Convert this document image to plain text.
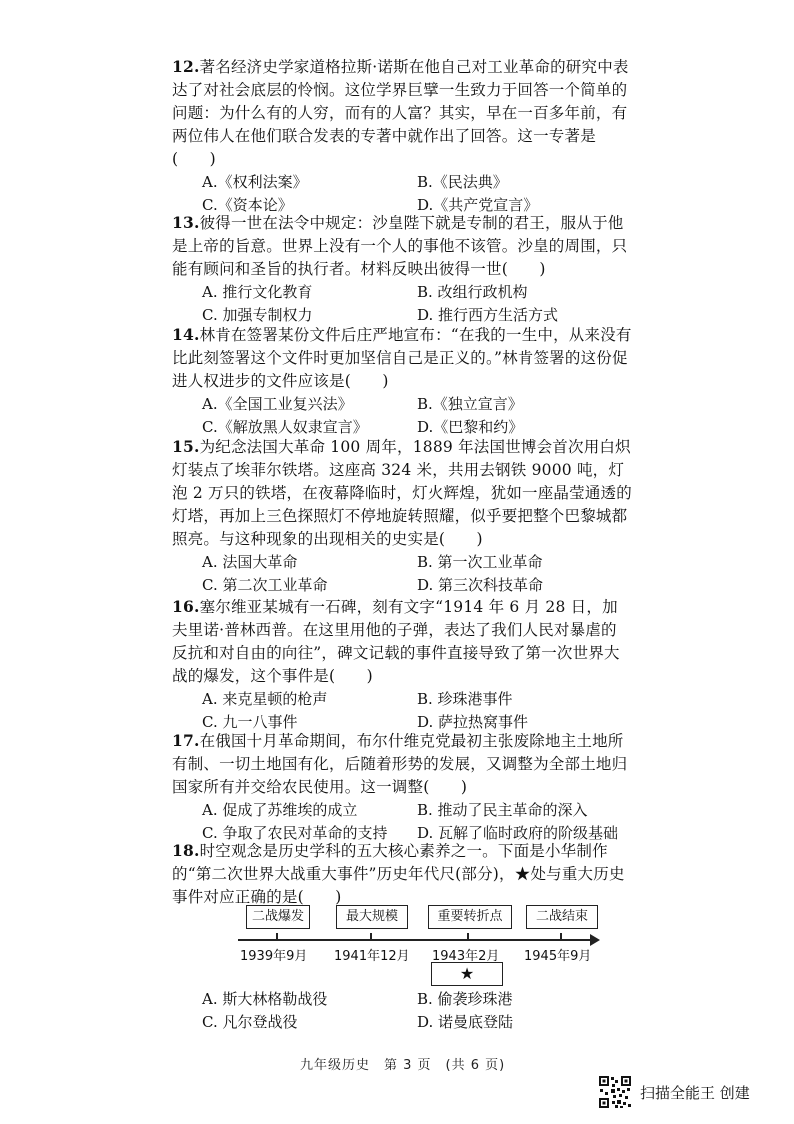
12.著名经济史学家道格拉斯·诺斯在他自己对工业革命的研究中表达了对社会底层的怜悯。这位学界巨擘一生致力于回答一个简单的问题：为什么有的人穷，而有的人富？其实，早在一百多年前，有两位伟人在他们联合发表的专著中就作出了回答。这一专著是(　　)
A.《权利法案》	B.《民法典》
C.《资本论》	D.《共产党宣言》
13.彼得一世在法令中规定：沙皇陛下就是专制的君王，服从于他是上帝的旨意。世界上没有一个人的事他不该管。沙皇的周围，只能有顾问和圣旨的执行者。材料反映出彼得一世(　　)
A. 推行文化教育	B. 改组行政机构
C. 加强专制权力	D. 推行西方生活方式
14.林肯在签署某份文件后庄严地宣布：“在我的一生中，从来没有比此刻签署这个文件时更加坚信自己是正义的。”林肯签署的这份促进人权进步的文件应该是(　　)
A.《全国工业复兴法》	B.《独立宣言》
C.《解放黑人奴隶宣言》	D.《巴黎和约》
15.为纪念法国大革命 100 周年，1889 年法国世博会首次用白炽灯装点了埃菲尔铁塔。这座高 324 米，共用去钢铁 9000 吨，灯泡 2 万只的铁塔，在夜幕降临时，灯火辉煌，犹如一座晶莹通透的灯塔，再加上三色探照灯不停地旋转照耀，似乎要把整个巴黎城都照亮。与这种现象的出现相关的史实是(　　)
A. 法国大革命	B. 第一次工业革命
C. 第二次工业革命	D. 第三次科技革命
16.塞尔维亚某城有一石碑，刻有文字“1914 年 6 月 28 日，加夫里诺·普林西普。在这里用他的子弹，表达了我们人民对暴虐的反抗和对自由的向往”，碑文记载的事件直接导致了第一次世界大战的爆发，这个事件是(　　)
A. 来克星顿的枪声	B. 珍珠港事件
C. 九一八事件	D. 萨拉热窝事件
17.在俄国十月革命期间，布尔什维克党最初主张废除地主土地所有制、一切土地国有化，后随着形势的发展，又调整为全部土地归国家所有并交给农民使用。这一调整(　　)
A. 促成了苏维埃的成立	B. 推动了民主革命的深入
C. 争取了农民对革命的支持	D. 瓦解了临时政府的阶级基础
18.时空观念是历史学科的五大核心素养之一。下面是小华制作的“第二次世界大战重大事件”历史年代尺(部分)，★处与重大历史事件对应正确的是(　　)
二战爆发	最大规模	重要转折点	二战结束
1939年9月 1941年12月 1943年2月 1945年9月
★
A. 斯大林格勒战役	B. 偷袭珍珠港
C. 凡尔登战役	D. 诺曼底登陆
九年级历史　第 3 页　(共 6 页)
扫描全能王 创建
